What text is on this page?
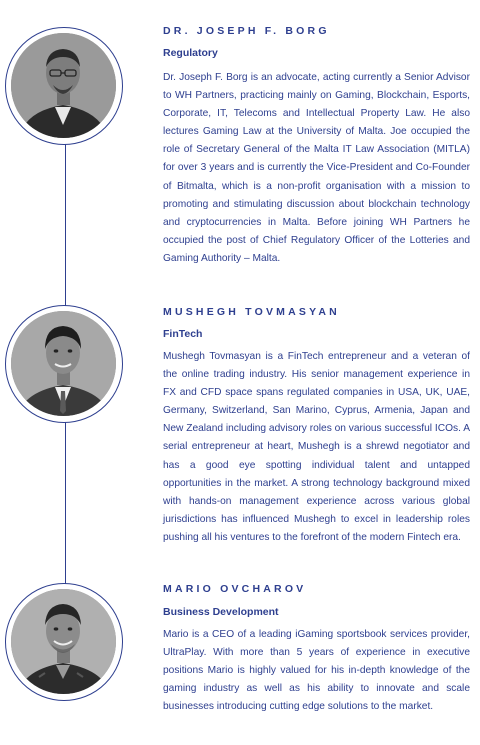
DR. JOSEPH F. BORG
Regulatory

Dr. Joseph F. Borg is an advocate, acting currently a Senior Advisor to WH Partners, practicing mainly on Gaming, Blockchain, Esports, Corporate, IT, Telecoms and Intellectual Property Law. He also lectures Gaming Law at the University of Malta. Joe occupied the role of Secretary General of the Malta IT Law Association (MITLA) for over 3 years and is currently the Vice-President and Co-Founder of Bitmalta, which is a non-profit organisation with a mission to promoting and stimulating discussion about blockchain technology and cryptocurrencies in Malta. Before joining WH Partners he occupied the post of Chief Regulatory Officer of the Lotteries and Gaming Authority – Malta.

MUSHEGH TOVMASYAN
FinTech

Mushegh Tovmasyan is a FinTech entrepreneur and a veteran of the online trading industry. His senior management experience in FX and CFD space spans regulated companies in USA, UK, UAE, Germany, Switzerland, San Marino, Cyprus, Armenia, Japan and New Zealand including advisory roles on various successful ICOs. A serial entrepreneur at heart, Mushegh is a shrewd negotiator and has a good eye spotting individual talent and untapped opportunities in the market. A strong technology background mixed with hands-on management experience across various global jurisdictions has influenced Mushegh to excel in leadership roles pushing all his ventures to the forefront of the modern Fintech era.

MARIO OVCHAROV
Business Development

Mario is a CEO of a leading iGaming sportsbook services provider, UltraPlay. With more than 5 years of experience in executive positions Mario is highly valued for his in-depth knowledge of the gaming industry as well as his ability to innovate and scale businesses introducing cutting edge solutions to the market.
